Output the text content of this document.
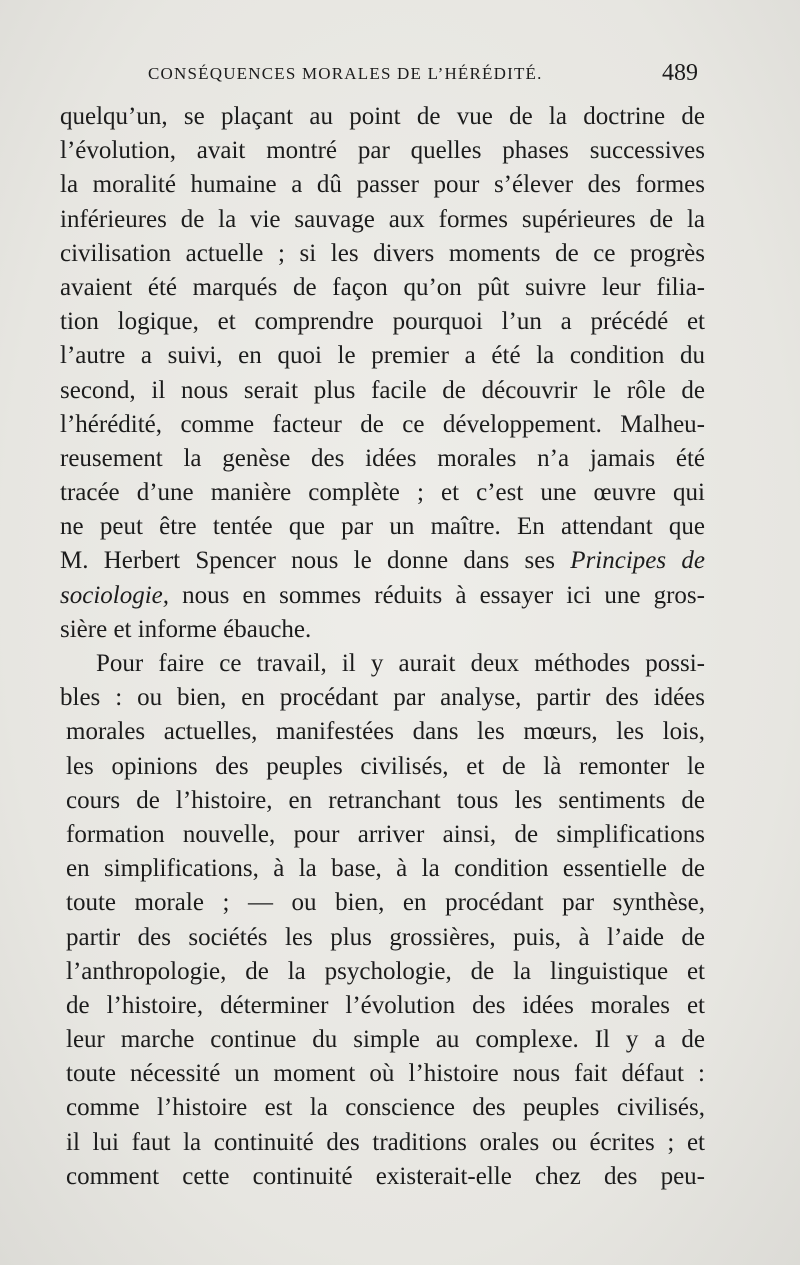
CONSÉQUENCES MORALES DE L’HÉRÉDITÉ.	489
quelqu’un, se plaçant au point de vue de la doctrine de
l’évolution, avait montré par quelles phases successives
la moralité humaine a dû passer pour s’élever des formes
inférieures de la vie sauvage aux formes supérieures de la
civilisation actuelle ; si les divers moments de ce progrès
avaient été marqués de façon qu’on pût suivre leur filia-
tion logique, et comprendre pourquoi l’un a précédé et
l’autre a suivi, en quoi le premier a été la condition du
second, il nous serait plus facile de découvrir le rôle de
l’hérédité, comme facteur de ce développement. Malheu-
reusement la genèse des idées morales n’a jamais été
tracée d’une manière complète ; et c’est une œuvre qui
ne peut être tentée que par un maître. En attendant que
M. Herbert Spencer nous le donne dans ses Principes de
sociologie, nous en sommes réduits à essayer ici une gros-
sière et informe ébauche.
Pour faire ce travail, il y aurait deux méthodes possi-
bles : ou bien, en procédant par analyse, partir des idées
morales actuelles, manifestées dans les mœurs, les lois,
les opinions des peuples civilisés, et de là remonter le
cours de l’histoire, en retranchant tous les sentiments de
formation nouvelle, pour arriver ainsi, de simplifications
en simplifications, à la base, à la condition essentielle de
toute morale ; — ou bien, en procédant par synthèse,
partir des sociétés les plus grossières, puis, à l’aide de
l’anthropologie, de la psychologie, de la linguistique et
de l’histoire, déterminer l’évolution des idées morales et
leur marche continue du simple au complexe. Il y a de
toute nécessité un moment où l’histoire nous fait défaut :
comme l’histoire est la conscience des peuples civilisés,
il lui faut la continuité des traditions orales ou écrites ; et
comment cette continuité existerait-elle chez des peu-
